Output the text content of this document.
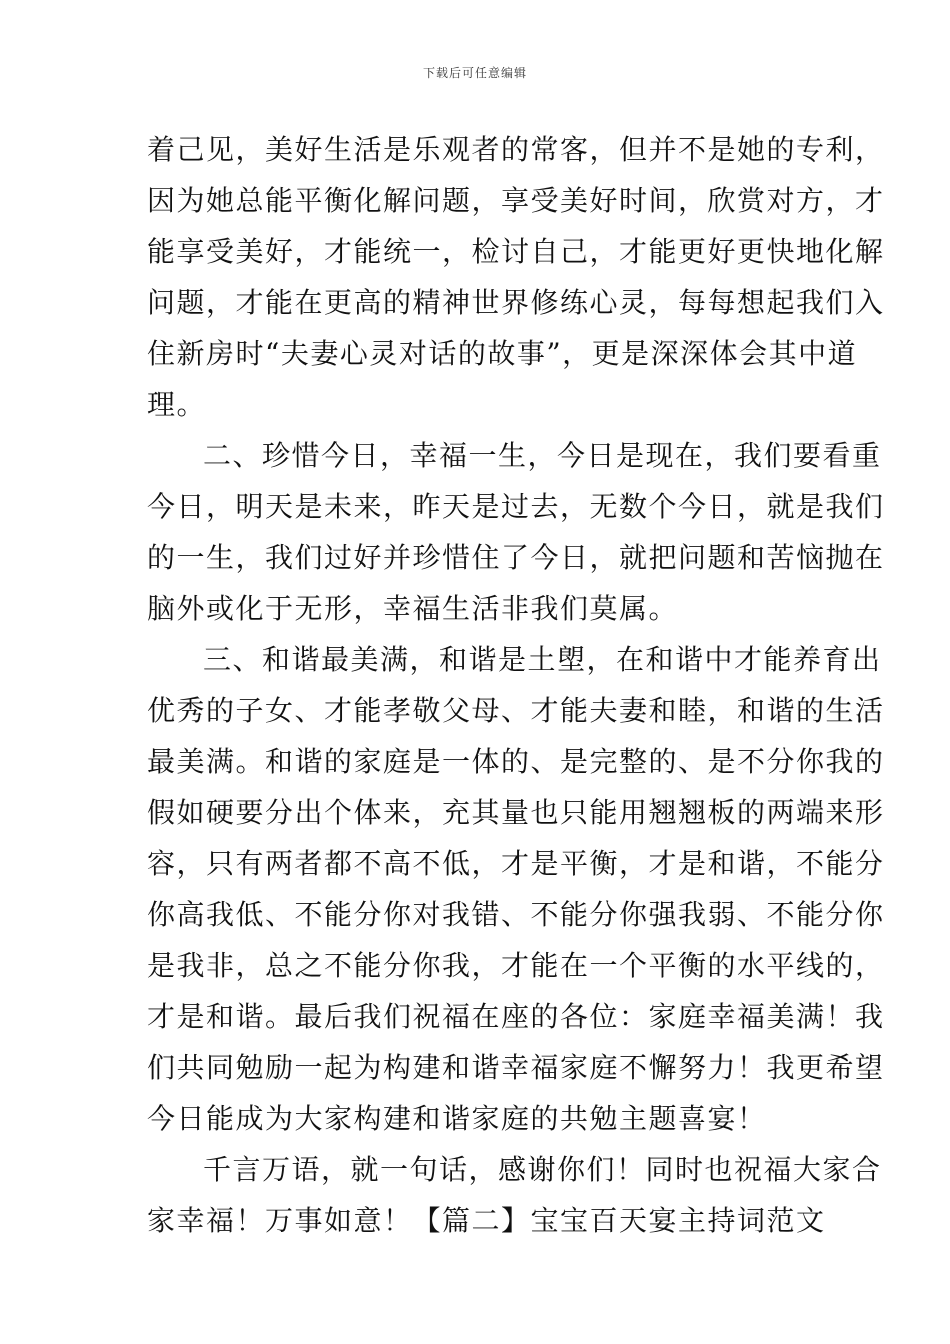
下载后可任意编辑
着己见，美好生活是乐观者的常客，但并不是她的专利，
因为她总能平衡化解问题，享受美好时间，欣赏对方，才
能享受美好，才能统一，检讨自己，才能更好更快地化解
问题，才能在更高的精神世界修练心灵，每每想起我们入
住新房时“夫妻心灵对话的故事”，更是深深体会其中道
理。
二、珍惜今日，幸福一生，今日是现在，我们要看重
今日，明天是未来，昨天是过去，无数个今日，就是我们
的一生，我们过好并珍惜住了今日，就把问题和苦恼抛在
脑外或化于无形，幸福生活非我们莫属。
三、和谐最美满，和谐是土塱，在和谐中才能养育出
优秀的子女、才能孝敬父母、才能夫妻和睦，和谐的生活
最美满。和谐的家庭是一体的、是完整的、是不分你我的
假如硬要分出个体来，充其量也只能用翘翘板的两端来形
容，只有两者都不高不低，才是平衡，才是和谐，不能分
你高我低、不能分你对我错、不能分你强我弱、不能分你
是我非，总之不能分你我，才能在一个平衡的水平线的，
才是和谐。最后我们祝福在座的各位：家庭幸福美满！我
们共同勉励一起为构建和谐幸福家庭不懈努力！我更希望
今日能成为大家构建和谐家庭的共勉主题喜宴！
千言万语，就一句话，感谢你们！同时也祝福大家合
家幸福！万事如意！【篇二】宝宝百天宴主持词范文
